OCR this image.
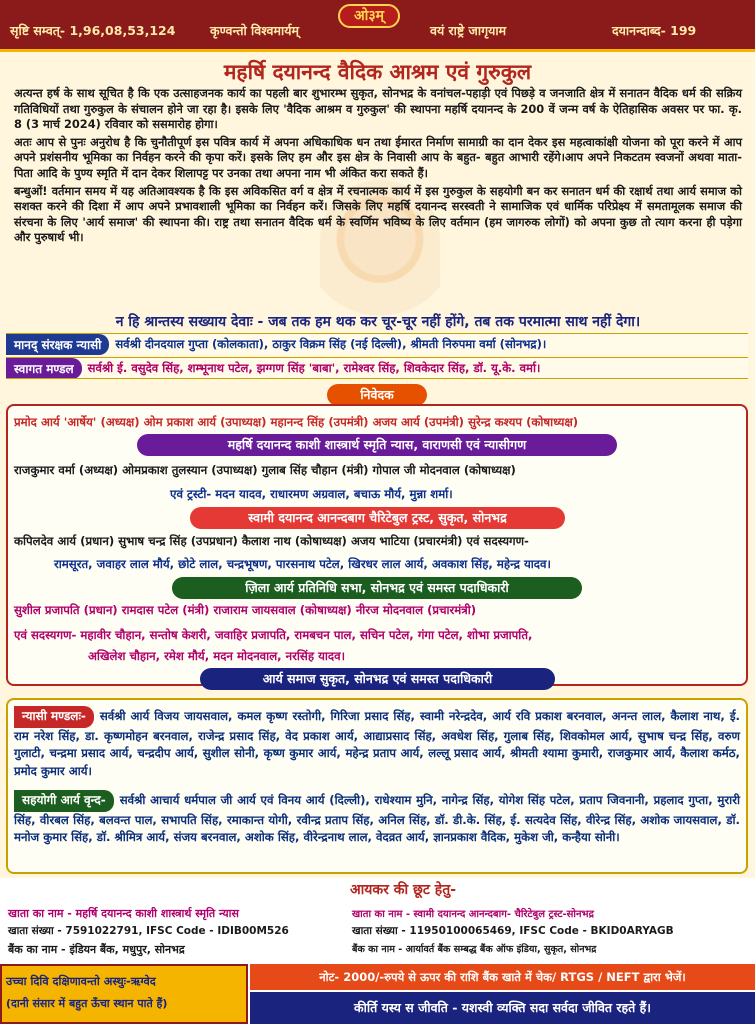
ओ३म्
सृष्टि सम्वत्- 1,96,08,53,124	कृण्वन्तो विश्वमार्यम्	वयं राष्ट्रे जागृयाम	दयानन्दाब्द- 199
महर्षि दयानन्द वैदिक आश्रम एवं गुरुकुल

अत्यन्त हर्ष के साथ सूचित है कि एक उत्साहजनक कार्य का पहली बार शुभारम्भ सुकृत, सोनभद्र के वनांचल-पहाड़ी एवं पिछड़े व जनजाति क्षेत्र में सनातन वैदिक धर्म की सक्रिय गतिविधियों तथा गुरुकुल के संचालन होने जा रहा है। इसके लिए 'वैदिक आश्रम व गुरुकुल' की स्थापना महर्षि दयानन्द के 200 वें जन्म वर्ष के ऐतिहासिक अवसर पर फा. कृ. 8 (3 मार्च 2024) रविवार को ससमारोह होगा।

अतः आप से पुनः अनुरोध है कि चुनौतीपूर्ण इस पवित्र कार्य में अपना अधिकाधिक धन तथा ईमारत निर्माण सामाग्री का दान देकर इस महत्वाकांक्षी योजना को पूरा करने में आप अपने प्रशंसनीय भूमिका का निर्वहन करने की कृपा करें। इसके लिए हम और इस क्षेत्र के निवासी आप के बहुत- बहुत आभारी रहेंगे।आप अपने निकटतम स्वजनों अथवा माता-पिता आदि के पुण्य स्मृति में दान देकर शिलापट्ट पर उनका तथा अपना नाम भी अंकित करा सकते हैं।

बन्धुओं! वर्तमान समय में यह अतिआवश्यक है कि इस अविकसित वर्ग व क्षेत्र में रचनात्मक कार्य में इस गुरुकुल के सहयोगी बन कर सनातन धर्म की रक्षार्थ तथा आर्य समाज को सशक्त करने की दिशा में आप अपने प्रभावशाली भूमिका का निर्वहन करें। जिसके लिए महर्षि दयानन्द सरस्वती ने सामाजिक एवं धार्मिक परिप्रेक्ष्य में समतामूलक समाज की संरचना के लिए 'आर्य समाज' की स्थापना की। राष्ट्र तथा सनातन वैदिक धर्म के स्वर्णिम भविष्य के लिए वर्तमान (हम जागरुक लोगों) को अपना कुछ तो त्याग करना ही पड़ेगा और पुरुषार्थ भी।

न हि श्रान्तस्य सख्याय देवाः - जब तक हम थक कर चूर-चूर नहीं होंगे, तब तक परमात्मा साथ नहीं देगा।
मानद् संरक्षक न्यासी	सर्वश्री दीनदयाल गुप्ता (कोलकाता), ठाकुर विक्रम सिंह (नई दिल्ली), श्रीमती निरुपमा वर्मा (सोनभद्र)।
स्वागत मण्डल	सर्वश्री ई. वसुदेव सिंह, शम्भूनाथ पटेल, झग्गण सिंह 'बाबा', रामेश्वर सिंह, शिवकेदार सिंह, डॉ. यू.के. वर्मा।
निवेदक
प्रमोद आर्य 'आर्षेय' (अध्यक्ष) ओम प्रकाश आर्य (उपाध्यक्ष) महानन्द सिंह (उपमंत्री) अजय आर्य (उपमंत्री) सुरेन्द्र कश्यप (कोषाध्यक्ष)
महर्षि दयानन्द काशी शास्त्रार्थ स्मृति न्यास, वाराणसी एवं न्यासीगण
राजकुमार वर्मा (अध्यक्ष) ओमप्रकाश तुलस्यान (उपाध्यक्ष) गुलाब सिंह चौहान (मंत्री) गोपाल जी मोदनवाल (कोषाध्यक्ष)
एवं ट्रस्टी- मदन यादव, राधारमण अग्रवाल, बचाऊ मौर्य, मुन्ना शर्मा।
स्वामी दयानन्द आनन्दबाग चैरिटेबुल ट्रस्ट, सुकृत, सोनभद्र
कपिलदेव आर्य (प्रधान) सुभाष चन्द्र सिंह (उपप्रधान) कैलाश नाथ (कोषाध्यक्ष) अजय भाटिया (प्रचारमंत्री) एवं सदस्यगण-
रामसूरत, जवाहर लाल मौर्य, छोटे लाल, चन्द्रभूषण, पारसनाथ पटेल, खिरधर लाल आर्य, अवकाश सिंह, महेन्द्र यादव।
ज़िला आर्य प्रतिनिधि सभा, सोनभद्र एवं समस्त पदाधिकारी
सुशील प्रजापति (प्रधान) रामदास पटेल (मंत्री) राजाराम जायसवाल (कोषाध्यक्ष) नीरज मोदनवाल (प्रचारमंत्री)
एवं सदस्यगण- महावीर चौहान, सन्तोष केशरी, जवाहिर प्रजापति, रामबचन पाल, सचिन पटेल, गंगा पटेल, शोभा प्रजापति,
अखिलेश चौहान, रमेश मौर्य, मदन मोदनवाल, नरसिंह यादव।
आर्य समाज सुकृत, सोनभद्र एवं समस्त पदाधिकारी
न्यासी मण्डलः- सर्वश्री आर्य विजय जायसवाल, कमल कृष्ण रस्तोगी, गिरिजा प्रसाद सिंह, स्वामी नरेन्द्रदेव, आर्य रवि प्रकाश बरनवाल, अनन्त लाल, कैलाश नाथ, ई. राम नरेश सिंह, डा. कृष्णमोहन बरनवाल, राजेन्द्र प्रसाद सिंह, वेद प्रकाश आर्य, आद्याप्रसाद सिंह, अवधेश सिंह, गुलाब सिंह, शिवकोमल आर्य, सुभाष चन्द्र सिंह, वरुण गुलाटी, चन्द्रमा प्रसाद आर्य, चन्द्रदीप आर्य, सुशील सोनी, कृष्ण कुमार आर्य, महेन्द्र प्रताप आर्य, लल्लू प्रसाद आर्य, श्रीमती श्यामा कुमारी, राजकुमार आर्य, कैलाश कर्मठ, प्रमोद कुमार आर्य।
सहयोगी आर्य वृन्द- सर्वश्री आचार्य धर्मपाल जी आर्य एवं विनय आर्य (दिल्ली), राधेश्याम मुनि, नागेन्द्र सिंह, योगेश सिंह पटेल, प्रताप जिवनानी, प्रहलाद गुप्ता, मुरारी सिंह, वीरबल सिंह, बलवन्त पाल, सभापति सिंह, रमाकान्त योगी, रवीन्द्र प्रताप सिंह, अनिल सिंह, डॉ. डी.के. सिंह, ई. सत्यदेव सिंह, वीरेन्द्र सिंह, अशोक जायसवाल, डॉ. मनोज कुमार सिंह, डॉ. श्रीमित्र आर्य, संजय बरनवाल, अशोक सिंह, वीरेन्द्रनाथ लाल, वेदव्रत आर्य, ज्ञानप्रकाश वैदिक, मुकेश जी, कन्हैया सोनी।
आयकर की छूट हेतु-
खाता का नाम - महर्षि दयानन्द काशी शास्त्रार्थ स्मृति न्यास
खाता संख्या - 7591022791, IFSC Code - IDIB00M526
बैंक का नाम - इंडियन बैंक, मधुपुर, सोनभद्र
खाता का नाम - स्वामी दयानन्द आनन्दबाग- चैरिटेबुल ट्रस्ट-सोनभद्र
खाता संख्या - 11950100065469, IFSC Code - BKID0ARYAGB
बैंक का नाम - आर्यावर्त बैंक सम्बद्ध बैंक ऑफ इंडिया, सुकृत, सोनभद्र
उच्चा दिवि दक्षिणावन्तो अस्थुः-ऋग्वेद
(दानी संसार में बहुत ऊँचा स्थान पाते हैं)
नोट- 2000/-रुपये से ऊपर की राशि बैंक खाते में चेक/ RTGS / NEFT द्वारा भेजें।
कीर्ति यस्य स जीवति - यशस्वी व्यक्ति सदा सर्वदा जीवित रहते हैं।
